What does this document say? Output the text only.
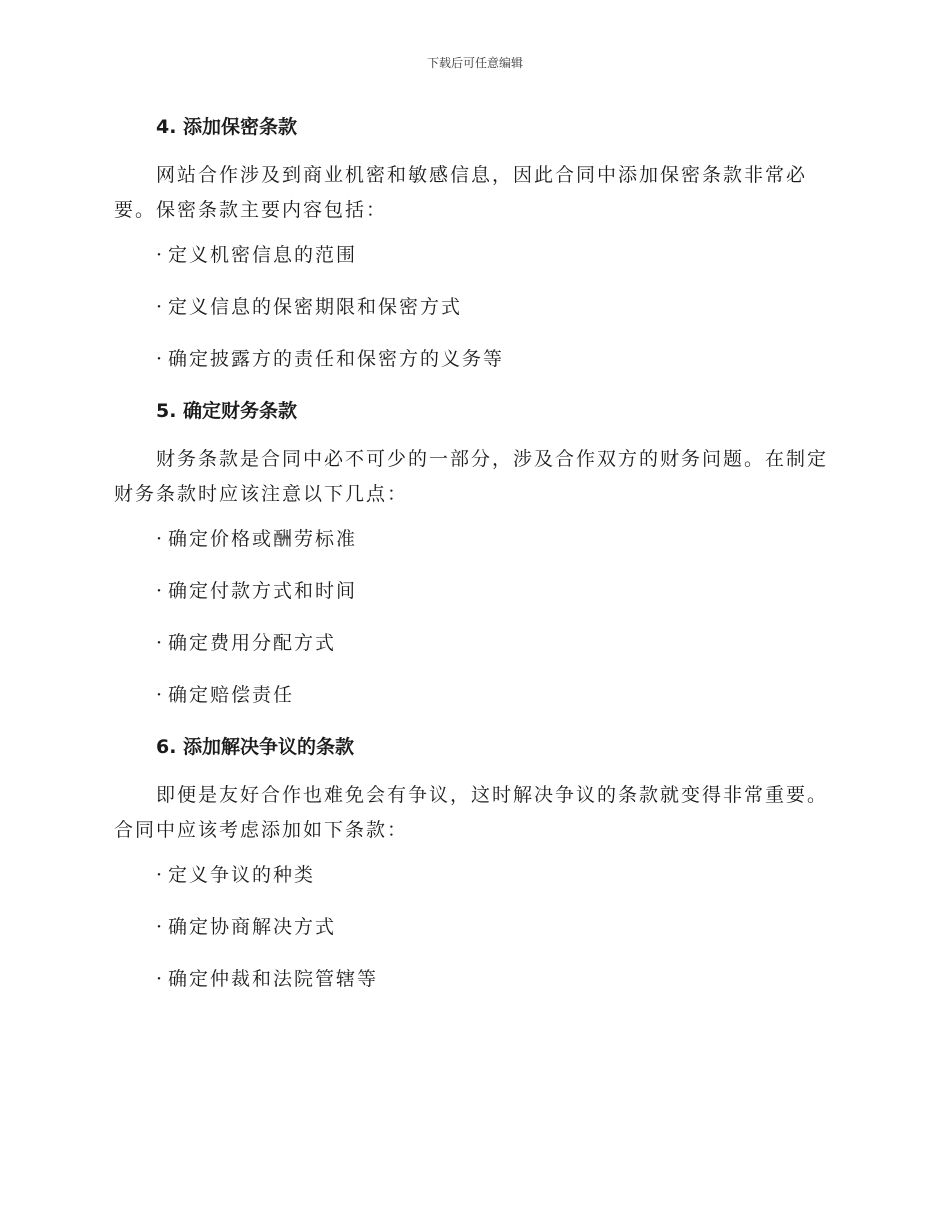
下载后可任意编辑
4. 添加保密条款
网站合作涉及到商业机密和敏感信息，因此合同中添加保密条款非常必要。保密条款主要内容包括：
· 定义机密信息的范围
· 定义信息的保密期限和保密方式
· 确定披露方的责任和保密方的义务等
5. 确定财务条款
财务条款是合同中必不可少的一部分，涉及合作双方的财务问题。在制定财务条款时应该注意以下几点：
· 确定价格或酬劳标准
· 确定付款方式和时间
· 确定费用分配方式
· 确定赔偿责任
6. 添加解决争议的条款
即便是友好合作也难免会有争议，这时解决争议的条款就变得非常重要。合同中应该考虑添加如下条款：
· 定义争议的种类
· 确定协商解决方式
· 确定仲裁和法院管辖等
